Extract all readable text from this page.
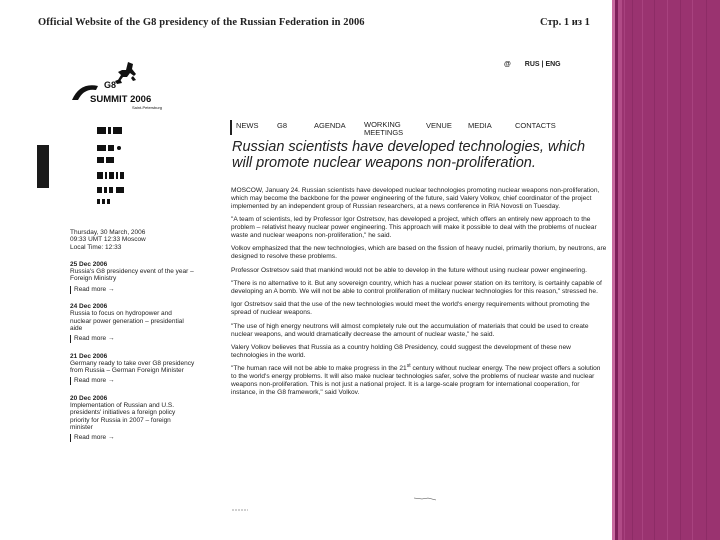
Official Website of the G8 presidency of the Russian Federation in 2006	Стр. 1 из 1
@ RUS | ENG
G8
SUMMIT 2006
Saint-Petersburg
NEWS G8	AGENDA WORKING MEETINGS
VENUE MEDIA	CONTACTS
Russian scientists have developed technologies, which will promote nuclear weapons non-proliferation.

MOSCOW, January 24. Russian scientists have developed nuclear technologies promoting nuclear weapons non-proliferation, which may become the backbone for the power engineering of the future, said Valery Volkov, chief coordinator of the project implemented by an independent group of Russian researchers, at a news conference in RIA Novosti on Tuesday.

"A team of scientists, led by Professor Igor Ostretsov, has developed a project, which offers an entirely new approach to the problem – relativist heavy nuclear power engineering. This approach will make it possible to deal with the problems of nuclear waste and nuclear weapons non-proliferation," he said.

Volkov emphasized that the new technologies, which are based on the fission of heavy nuclei, primarily thorium, by neutrons, are designed to resolve these problems.

Professor Ostretsov said that mankind would not be able to develop in the future without using nuclear power engineering.

"There is no alternative to it. But any sovereign country, which has a nuclear power station on its territory, is certainly capable of developing an A bomb. We will not be able to control proliferation of military nuclear technologies for this reason," stressed he.

Igor Ostretsov said that the use of the new technologies would meet the world's energy requirements without promoting the spread of nuclear weapons.

"The use of high energy neutrons will almost completely rule out the accumulation of materials that could be used to create nuclear weapons, and would dramatically decrease the amount of nuclear waste," he said.

Valery Volkov believes that Russia as a country holding G8 Presidency, could suggest the development of these new technologies in the world.

"The human race will not be able to make progress in the 21st century without nuclear energy. The new project offers a solution to the world's energy problems. It will also make nuclear technologies safer, solve the problems of nuclear waste and nuclear weapons non-proliferation. This is not just a national project. It is a large-scale program for international cooperation, for instance, in the G8 framework," said Volkov.

Thursday, 30 March, 2006
09:33 UMT 12:33 Moscow
Local Time: 12:33
25 Dec 2006
Russia's G8 presidency event of the year – Foreign Ministry
Read more →
24 Dec 2006
Russia to focus on hydropower and nuclear power generation – presidential aide
Read more →
21 Dec 2006
Germany ready to take over G8 presidency from Russia – German Foreign Minister
Read more →
20 Dec 2006
Implementation of Russian and U.S. presidents' initiatives a foreign policy priority for Russia in 2007 – foreign minister
Read more →
